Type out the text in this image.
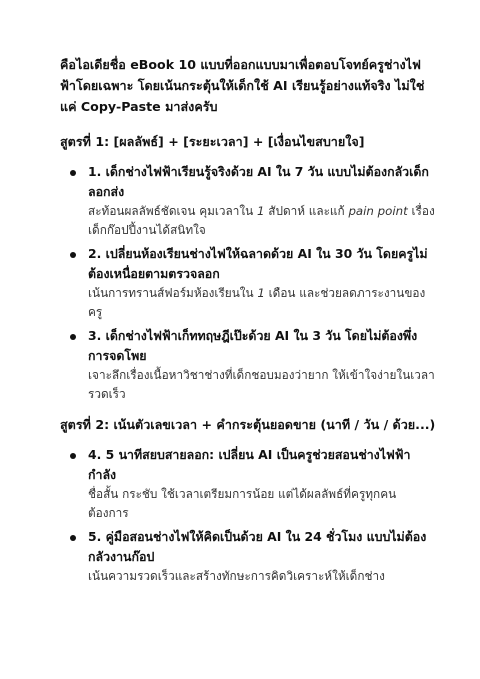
คือไอเดียชื่อ eBook 10 แบบที่ออกแบบมาเพื่อตอบโจทย์ครูช่างไฟฟ้าโดยเฉพาะ โดยเน้นกระตุ้นให้เด็กใช้ AI เรียนรู้อย่างแท้จริง ไม่ใช่แค่ Copy-Paste มาส่งครับ

สูตรที่ 1: [ผลลัพธ์] + [ระยะเวลา] + [เงื่อนไขสบายใจ]

1. เด็กช่างไฟฟ้าเรียนรู้จริงด้วย AI ใน 7 วัน แบบไม่ต้องกลัวเด็กลอกส่ง
สะท้อนผลลัพธ์ชัดเจน คุมเวลาใน 1 สัปดาห์ และแก้ pain point เรื่องเด็กก๊อปปี้งานได้สนิทใจ
2. เปลี่ยนห้องเรียนช่างไฟให้ฉลาดด้วย AI ใน 30 วัน โดยครูไม่ต้องเหนื่อยตามตรวจลอก
เน้นการทรานส์ฟอร์มห้องเรียนใน 1 เดือน และช่วยลดภาระงานของครู
3. เด็กช่างไฟฟ้าเก็ททฤษฎีเป๊ะด้วย AI ใน 3 วัน โดยไม่ต้องพึ่งการจดโพย
เจาะลึกเรื่องเนื้อหาวิชาช่างที่เด็กชอบมองว่ายาก ให้เข้าใจง่ายในเวลารวดเร็ว

สูตรที่ 2: เน้นตัวเลขเวลา + คำกระตุ้นยอดขาย (นาที / วัน / ด้วย...)

4. 5 นาทีสยบสายลอก: เปลี่ยน AI เป็นครูช่วยสอนช่างไฟฟ้ากำลัง
ชื่อสั้น กระชับ ใช้เวลาเตรียมการน้อย แต่ได้ผลลัพธ์ที่ครูทุกคนต้องการ
5. คู่มือสอนช่างไฟให้คิดเป็นด้วย AI ใน 24 ชั่วโมง แบบไม่ต้องกลัวงานก๊อป
เน้นความรวดเร็วและสร้างทักษะการคิดวิเคราะห์ให้เด็กช่าง
